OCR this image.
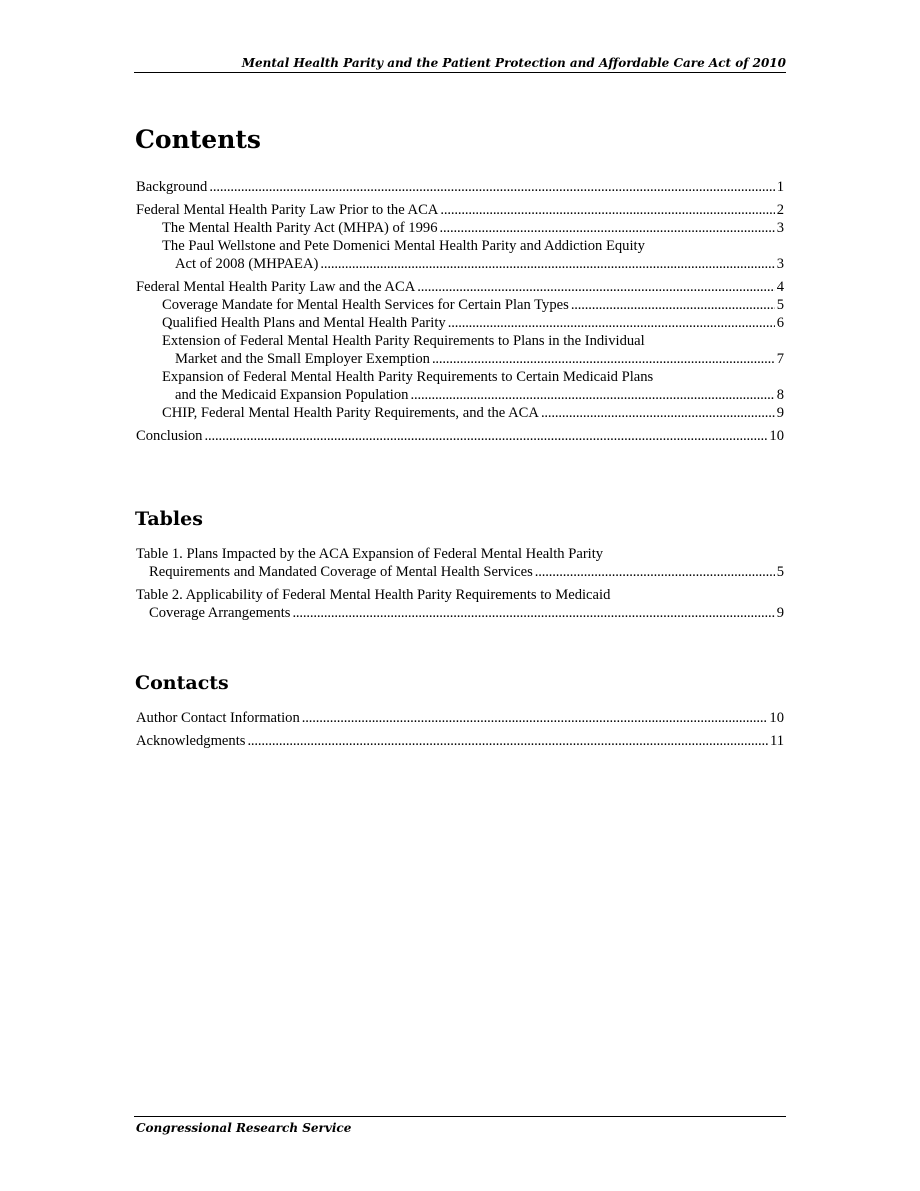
Mental Health Parity and the Patient Protection and Affordable Care Act of 2010
Contents
Background . . .	1
Federal Mental Health Parity Law Prior to the ACA . . .	2
The Mental Health Parity Act (MHPA) of 1996 . . .	3
The Paul Wellstone and Pete Domenici Mental Health Parity and Addiction Equity
Act of 2008 (MHPAEA) . . .	3
Federal Mental Health Parity Law and the ACA . . .	4
Coverage Mandate for Mental Health Services for Certain Plan Types . . .	5
Qualified Health Plans and Mental Health Parity . . .	6
Extension of Federal Mental Health Parity Requirements to Plans in the Individual
Market and the Small Employer Exemption . . .	7
Expansion of Federal Mental Health Parity Requirements to Certain Medicaid Plans
and the Medicaid Expansion Population . . .	8
CHIP, Federal Mental Health Parity Requirements, and the ACA . . .	9
Conclusion . . .	10
Tables
Table 1. Plans Impacted by the ACA Expansion of Federal Mental Health Parity
Requirements and Mandated Coverage of Mental Health Services . . .	5
Table 2. Applicability of Federal Mental Health Parity Requirements to Medicaid
Coverage Arrangements . . .	9
Contacts
Author Contact Information . . .	10
Acknowledgments . . .	11
Congressional Research Service
